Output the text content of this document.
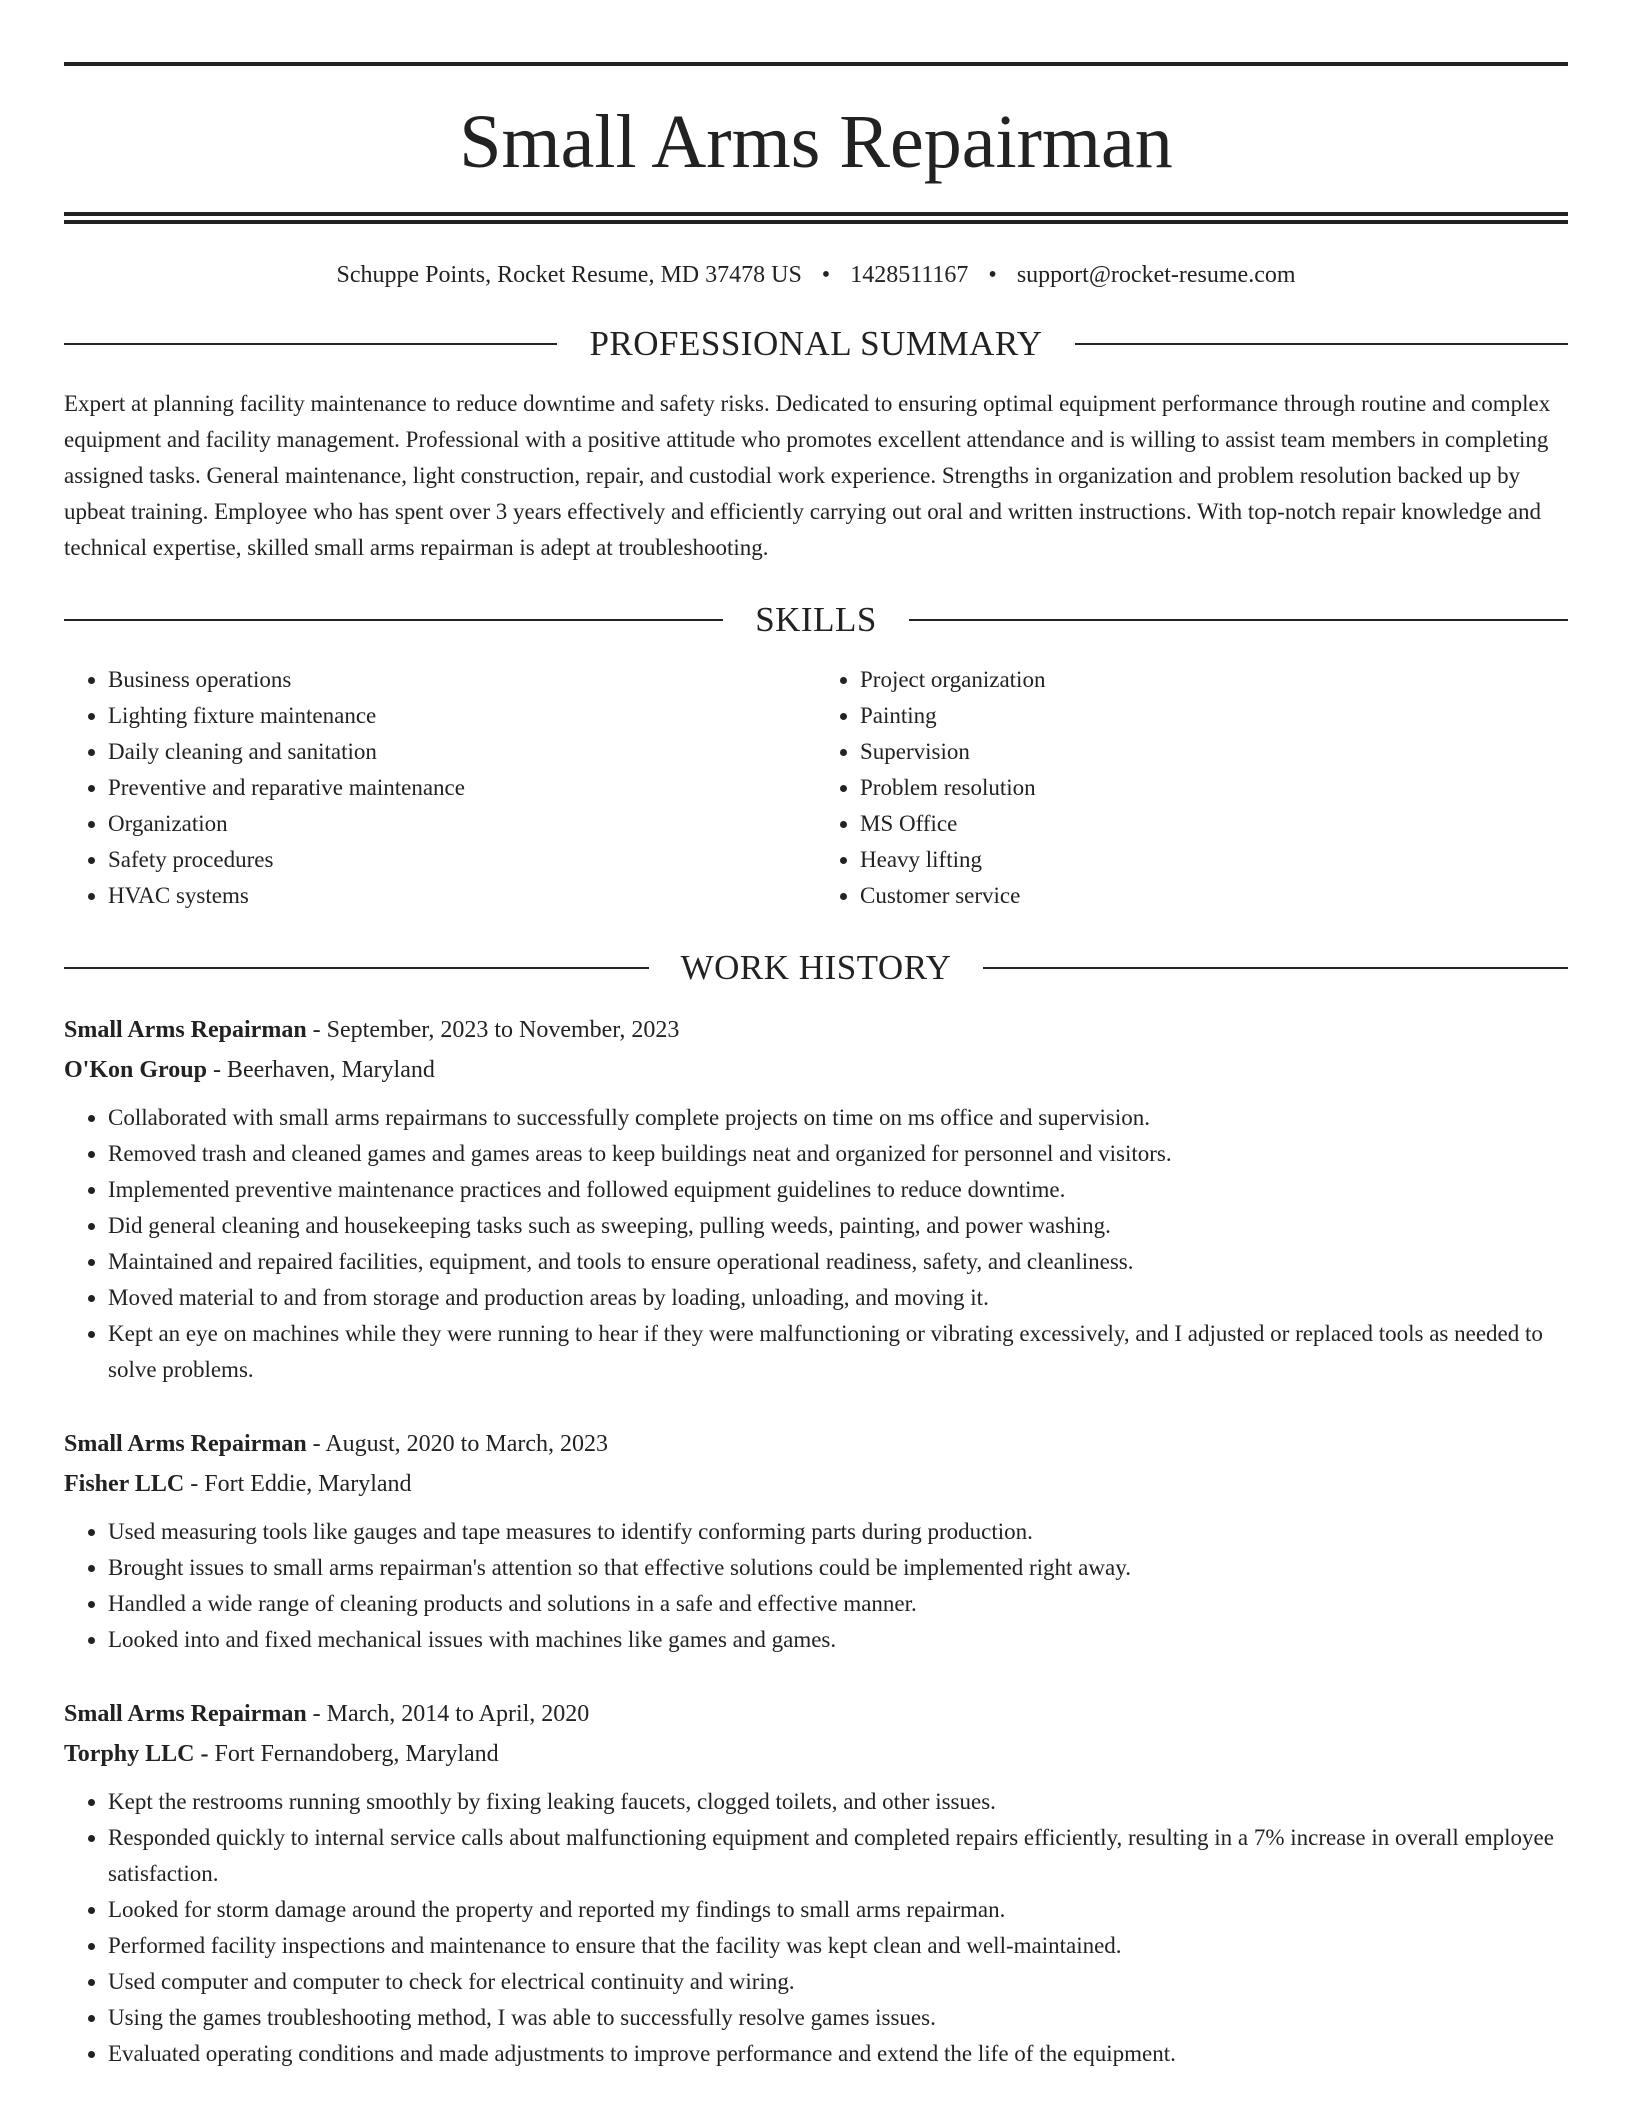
Small Arms Repairman
Schuppe Points, Rocket Resume, MD 37478 US • 1428511167 • support@rocket-resume.com
PROFESSIONAL SUMMARY

Expert at planning facility maintenance to reduce downtime and safety risks. Dedicated to ensuring optimal equipment performance through routine and complex equipment and facility management. Professional with a positive attitude who promotes excellent attendance and is willing to assist team members in completing assigned tasks. General maintenance, light construction, repair, and custodial work experience. Strengths in organization and problem resolution backed up by upbeat training. Employee who has spent over 3 years effectively and efficiently carrying out oral and written instructions. With top-notch repair knowledge and technical expertise, skilled small arms repairman is adept at troubleshooting.

SKILLS
• Business operations
• Lighting fixture maintenance
• Daily cleaning and sanitation
• Preventive and reparative maintenance
• Organization
• Safety procedures
• HVAC systems
• Project organization
• Painting
• Supervision
• Problem resolution
• MS Office
• Heavy lifting
• Customer service
WORK HISTORY
Small Arms Repairman - September, 2023 to November, 2023
O'Kon Group - Beerhaven, Maryland
• Collaborated with small arms repairmans to successfully complete projects on time on ms office and supervision.
• Removed trash and cleaned games and games areas to keep buildings neat and organized for personnel and visitors.
• Implemented preventive maintenance practices and followed equipment guidelines to reduce downtime.
• Did general cleaning and housekeeping tasks such as sweeping, pulling weeds, painting, and power washing.
• Maintained and repaired facilities, equipment, and tools to ensure operational readiness, safety, and cleanliness.
• Moved material to and from storage and production areas by loading, unloading, and moving it.
• Kept an eye on machines while they were running to hear if they were malfunctioning or vibrating excessively, and I adjusted or replaced tools as needed to solve problems.
Small Arms Repairman - August, 2020 to March, 2023
Fisher LLC - Fort Eddie, Maryland
• Used measuring tools like gauges and tape measures to identify conforming parts during production.
• Brought issues to small arms repairman's attention so that effective solutions could be implemented right away.
• Handled a wide range of cleaning products and solutions in a safe and effective manner.
• Looked into and fixed mechanical issues with machines like games and games.
Small Arms Repairman - March, 2014 to April, 2020
Torphy LLC - Fort Fernandoberg, Maryland
• Kept the restrooms running smoothly by fixing leaking faucets, clogged toilets, and other issues.
• Responded quickly to internal service calls about malfunctioning equipment and completed repairs efficiently, resulting in a 7% increase in overall employee satisfaction.
• Looked for storm damage around the property and reported my findings to small arms repairman.
• Performed facility inspections and maintenance to ensure that the facility was kept clean and well-maintained.
• Used computer and computer to check for electrical continuity and wiring.
• Using the games troubleshooting method, I was able to successfully resolve games issues.
• Evaluated operating conditions and made adjustments to improve performance and extend the life of the equipment.
